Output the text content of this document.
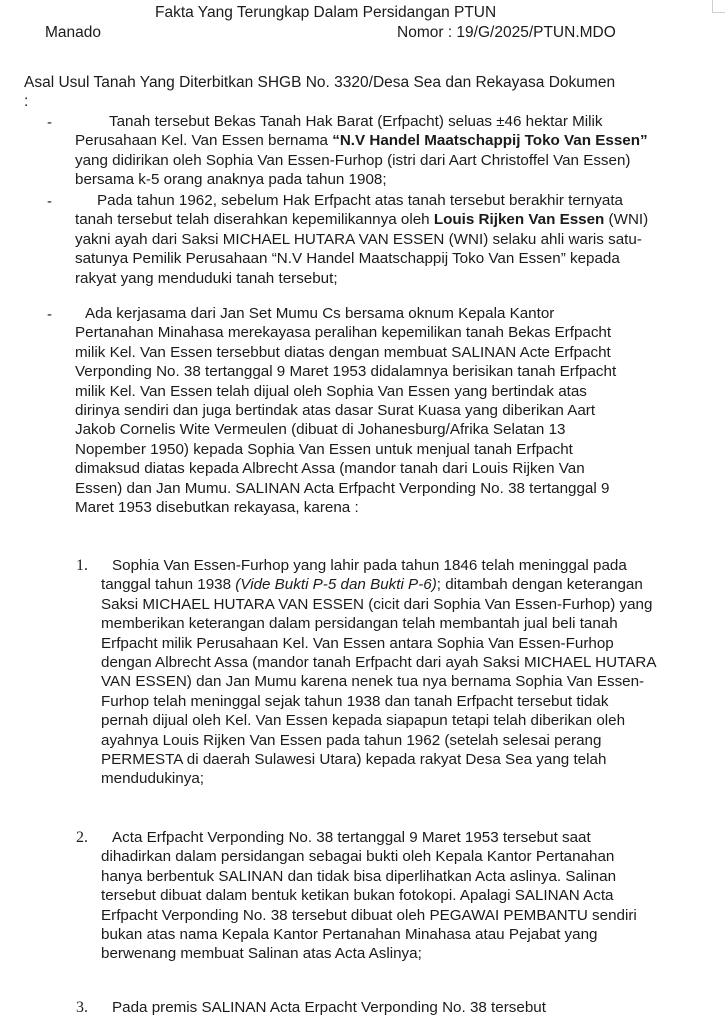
Fakta Yang Terungkap Dalam Persidangan PTUN
Manado	Nomor : 19/G/2025/PTUN.MDO
Asal Usul Tanah Yang Diterbitkan SHGB No. 3320/Desa Sea dan Rekayasa Dokumen
:
-	Tanah tersebut Bekas Tanah Hak Barat (Erfpacht) seluas ±46 hektar Milik Perusahaan Kel. Van Essen bernama “N.V Handel Maatschappij Toko Van Essen” yang didirikan oleh Sophia Van Essen-Furhop (istri dari Aart Christoffel Van Essen) bersama k-5 orang anaknya pada tahun 1908;
-	Pada tahun 1962, sebelum Hak Erfpacht atas tanah tersebut berakhir ternyata tanah tersebut telah diserahkan kepemilikannya oleh Louis Rijken Van Essen (WNI) yakni ayah dari Saksi MICHAEL HUTARA VAN ESSEN (WNI) selaku ahli waris satu-satunya Pemilik Perusahaan “N.V Handel Maatschappij Toko Van Essen” kepada rakyat yang menduduki tanah tersebut;
-	Ada kerjasama dari Jan Set Mumu Cs bersama oknum Kepala Kantor Pertanahan Minahasa merekayasa peralihan kepemilikan tanah Bekas Erfpacht milik Kel. Van Essen tersebbut diatas dengan membuat SALINAN Acte Erfpacht Verponding No. 38 tertanggal 9 Maret 1953 didalamnya berisikan tanah Erfpacht milik Kel. Van Essen telah dijual oleh Sophia Van Essen yang bertindak atas dirinya sendiri dan juga bertindak atas dasar Surat Kuasa yang diberikan Aart Jakob Cornelis Wite Vermeulen (dibuat di Johanesburg/Afrika Selatan 13 Nopember 1950) kepada Sophia Van Essen untuk menjual tanah Erfpacht dimaksud diatas kepada Albrecht Assa (mandor tanah dari Louis Rijken Van Essen) dan Jan Mumu. SALINAN Acta Erfpacht Verponding No. 38 tertanggal 9 Maret 1953 disebutkan rekayasa, karena :
1.	Sophia Van Essen-Furhop yang lahir pada tahun 1846 telah meninggal pada tanggal tahun 1938 (Vide Bukti P-5 dan Bukti P-6); ditambah dengan keterangan Saksi MICHAEL HUTARA VAN ESSEN (cicit dari Sophia Van Essen-Furhop) yang memberikan keterangan dalam persidangan telah membantah jual beli tanah Erfpacht milik Perusahaan Kel. Van Essen antara Sophia Van Essen-Furhop dengan Albrecht Assa (mandor tanah Erfpacht dari ayah Saksi MICHAEL HUTARA VAN ESSEN) dan Jan Mumu karena nenek tua nya bernama Sophia Van Essen-Furhop telah meninggal sejak tahun 1938 dan tanah Erfpacht tersebut tidak pernah dijual oleh Kel. Van Essen kepada siapapun tetapi telah diberikan oleh ayahnya Louis Rijken Van Essen pada tahun 1962 (setelah selesai perang PERMESTA di daerah Sulawesi Utara) kepada rakyat Desa Sea yang telah mendudukinya;
2.	Acta Erfpacht Verponding No. 38 tertanggal 9 Maret 1953 tersebut saat dihadirkan dalam persidangan sebagai bukti oleh Kepala Kantor Pertanahan hanya berbentuk SALINAN dan tidak bisa diperlihatkan Acta aslinya. Salinan tersebut dibuat dalam bentuk ketikan bukan fotokopi. Apalagi SALINAN Acta Erfpacht Verponding No. 38 tersebut dibuat oleh PEGAWAI PEMBANTU sendiri bukan atas nama Kepala Kantor Pertanahan Minahasa atau Pejabat yang berwenang membuat Salinan atas Acta Aslinya;
3.	Pada premis SALINAN Acta Erpacht Verponding No. 38 tersebut
